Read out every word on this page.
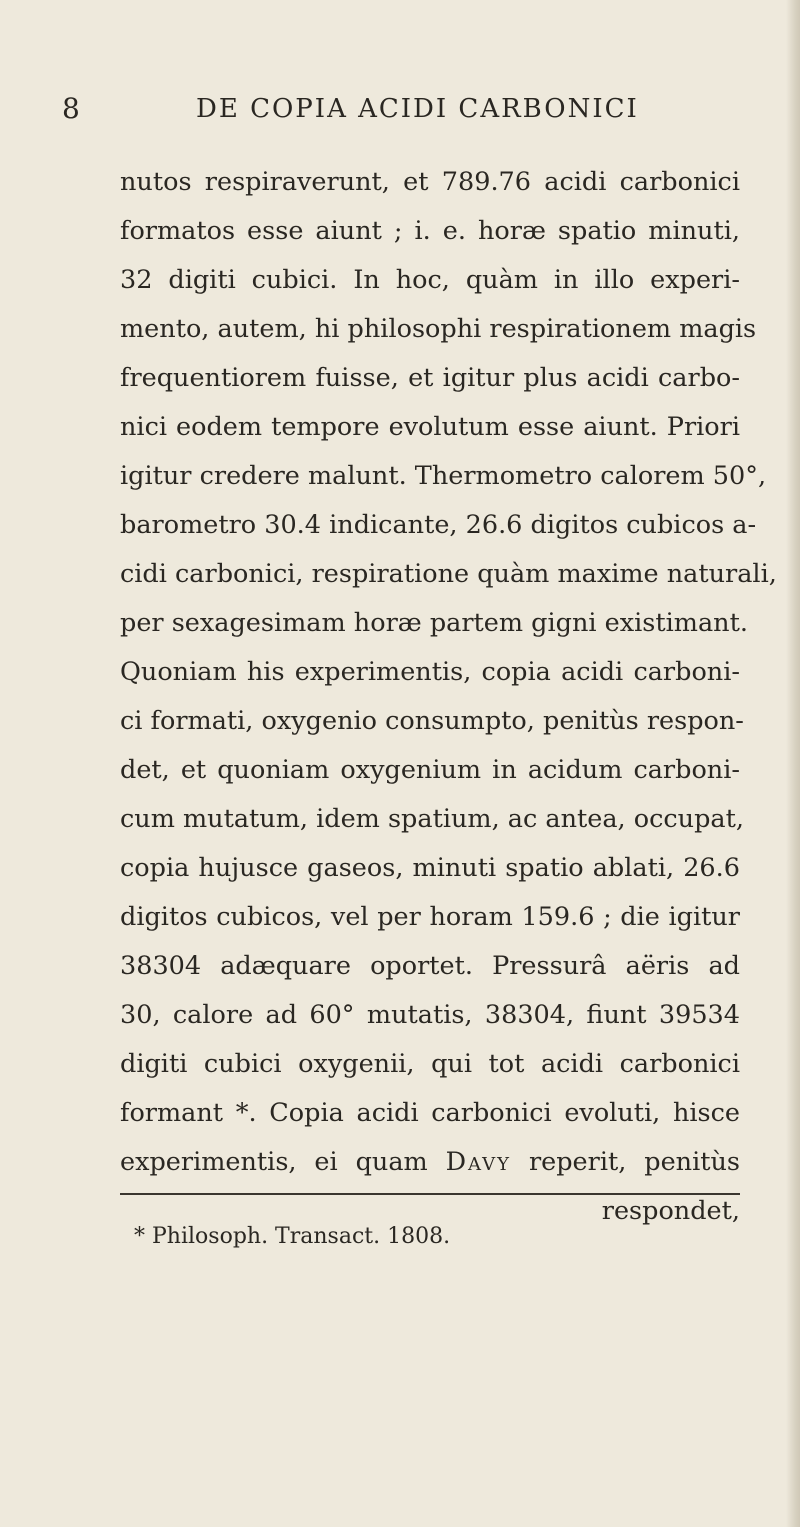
8	DE COPIA ACIDI CARBONICI
nutos respiraverunt, et 789.76 acidi carbonici
formatos esse aiunt ; i. e. horæ spatio minuti,
32 digiti cubici. In hoc, quàm in illo experi-
mento, autem, hi philosophi respirationem magis
frequentiorem fuisse, et igitur plus acidi carbo-
nici eodem tempore evolutum esse aiunt. Priori
igitur credere malunt. Thermometro calorem 50°,
barometro 30.4 indicante, 26.6 digitos cubicos a-
cidi carbonici, respiratione quàm maxime naturali,
per sexagesimam horæ partem gigni existimant.
Quoniam his experimentis, copia acidi carboni-
ci formati, oxygenio consumpto, penitùs respon-
det, et quoniam oxygenium in acidum carboni-
cum mutatum, idem spatium, ac antea, occupat,
copia hujusce gaseos, minuti spatio ablati, 26.6
digitos cubicos, vel per horam 159.6 ; die igitur
38304 adæquare oportet. Pressurâ aëris ad
30, calore ad 60° mutatis, 38304, fiunt 39534
digiti cubici oxygenii, qui tot acidi carbonici
formant *. Copia acidi carbonici evoluti, hisce
experimentis, ei quam Davy reperit, penitùs
respondet,
* Philosoph. Transact. 1808.
